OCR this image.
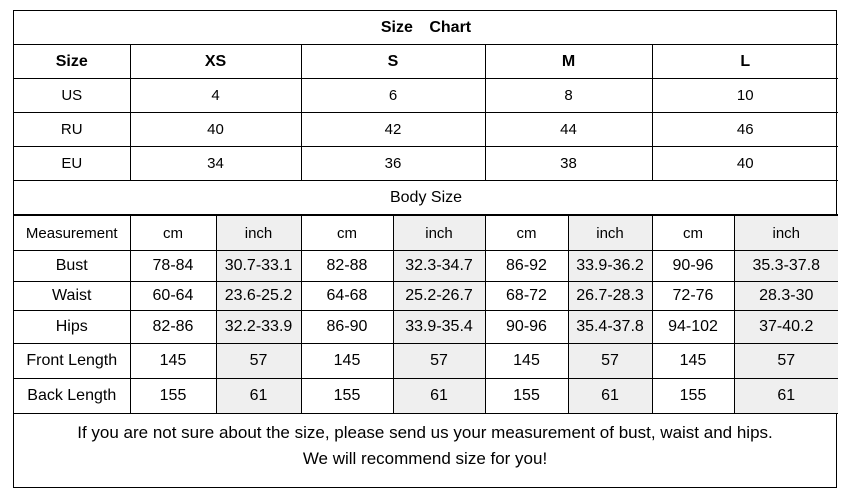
Size Chart				
Size	XS	S	M	L
US	4	6	8	10
RU	40	42	44	46
EU	34	36	38	40
Body Size				
Measurement	cm	inch	cm	inch	cm	inch	cm	inch
Bust	78-84	30.7-33.1	82-88	32.3-34.7	86-92	33.9-36.2	90-96	35.3-37.8
Waist	60-64	23.6-25.2	64-68	25.2-26.7	68-72	26.7-28.3	72-76	28.3-30
Hips	82-86	32.2-33.9	86-90	33.9-35.4	90-96	35.4-37.8	94-102	37-40.2
Front Length	145	57	145	57	145	57	145	57
Back Length	155	61	155	61	155	61	155	61
If you are not sure about the size, please send us your measurement of bust, waist and hips.
We will recommend size for you!
